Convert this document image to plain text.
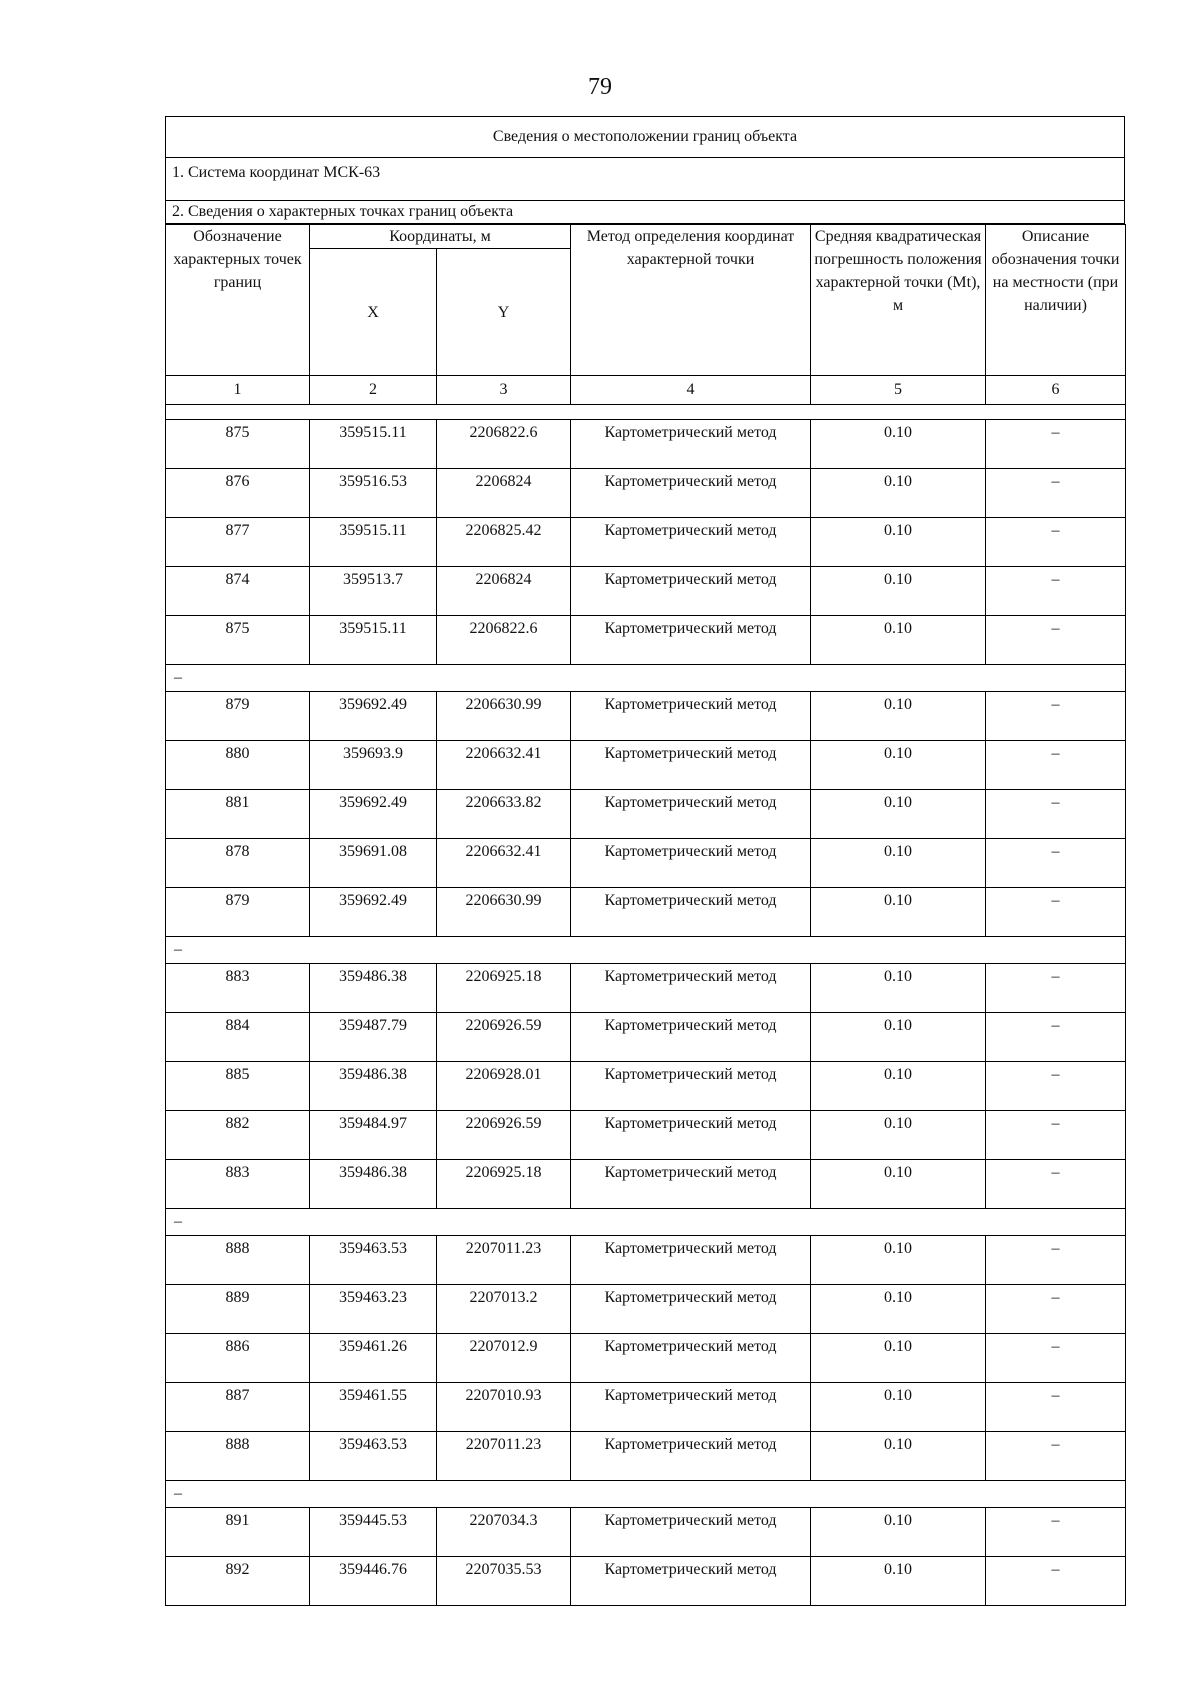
79
Сведения о местоположении границ объекта
1. Система координат МСК-63
2. Сведения о характерных точках границ объекта
Обозначение характерных точек границ	Координаты, м		Метод определения координат характерной точки	Средняя квадратическая погрешность положения характерной точки (Mt), м	Описание обозначения точки на местности (при наличии)
	X	Y			
1	2	3	4	5	6

875	359515.11	2206822.6	Картометрический метод	0.10	–
876	359516.53	2206824	Картометрический метод	0.10	–
877	359515.11	2206825.42	Картометрический метод	0.10	–
874	359513.7	2206824	Картометрический метод	0.10	–
875	359515.11	2206822.6	Картометрический метод	0.10	–
–					
879	359692.49	2206630.99	Картометрический метод	0.10	–
880	359693.9	2206632.41	Картометрический метод	0.10	–
881	359692.49	2206633.82	Картометрический метод	0.10	–
878	359691.08	2206632.41	Картометрический метод	0.10	–
879	359692.49	2206630.99	Картометрический метод	0.10	–
–					
883	359486.38	2206925.18	Картометрический метод	0.10	–
884	359487.79	2206926.59	Картометрический метод	0.10	–
885	359486.38	2206928.01	Картометрический метод	0.10	–
882	359484.97	2206926.59	Картометрический метод	0.10	–
883	359486.38	2206925.18	Картометрический метод	0.10	–
–					
888	359463.53	2207011.23	Картометрический метод	0.10	–
889	359463.23	2207013.2	Картометрический метод	0.10	–
886	359461.26	2207012.9	Картометрический метод	0.10	–
887	359461.55	2207010.93	Картометрический метод	0.10	–
888	359463.53	2207011.23	Картометрический метод	0.10	–
–					
891	359445.53	2207034.3	Картометрический метод	0.10	–
892	359446.76	2207035.53	Картометрический метод	0.10	–
